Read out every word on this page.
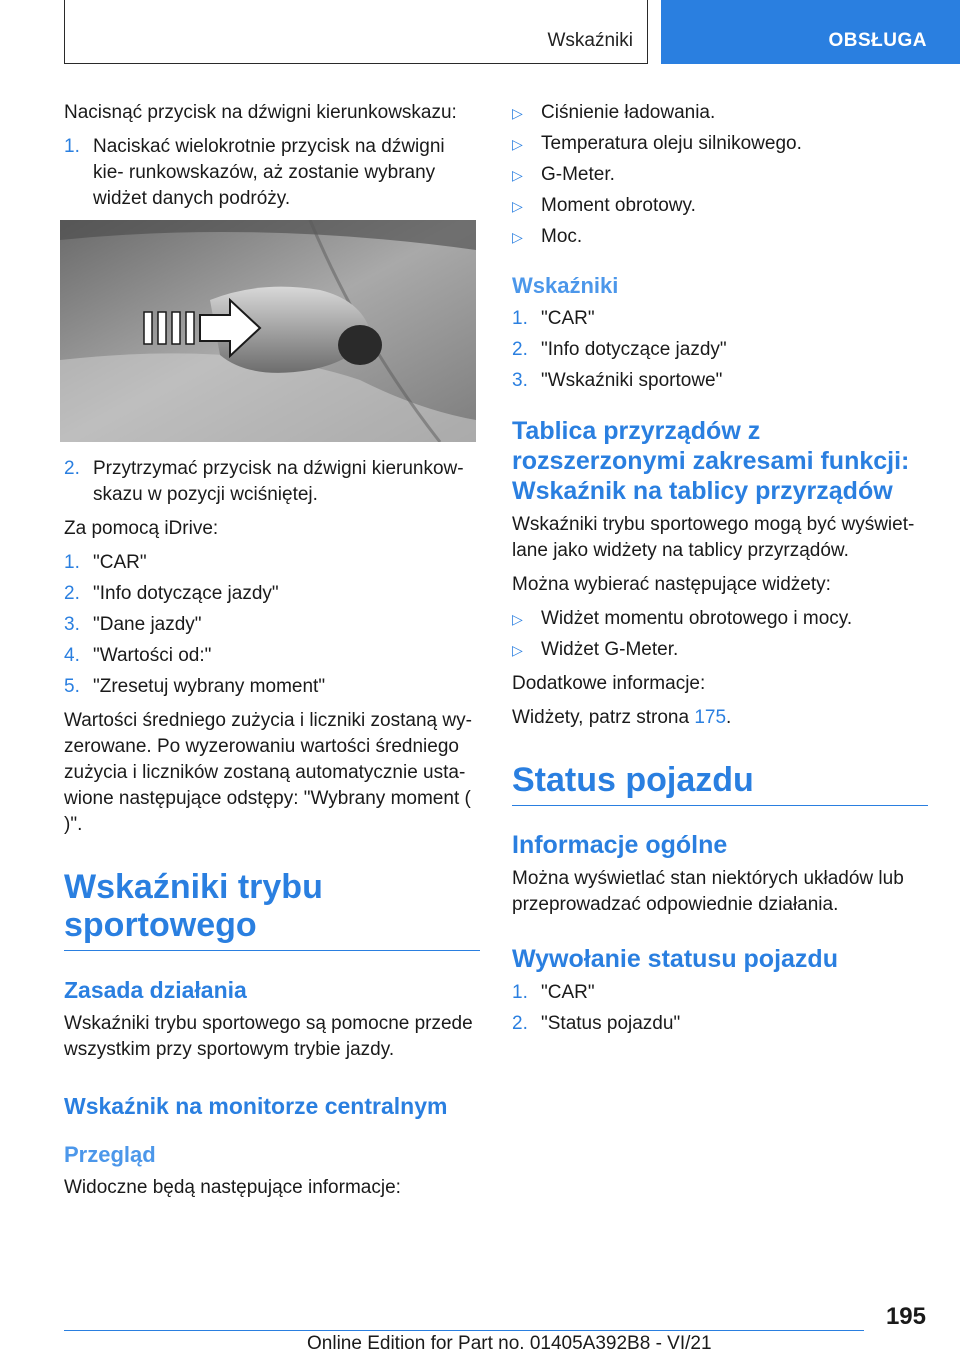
Wskaźniki	OBSŁUGA

Nacisnąć przycisk na dźwigni kierunkowskazu:

1. Naciskać wielokrotnie przycisk na dźwigni kie- runkowskazów, aż zostanie wybrany widżet danych podróży.
2. Przytrzymać przycisk na dźwigni kierunkow- skazu w pozycji wciśniętej.

Za pomocą iDrive:

1. "CAR"
2. "Info dotyczące jazdy"
3. "Dane jazdy"
4. "Wartości od:"
5. "Zresetuj wybrany moment"

Wartości średniego zużycia i liczniki zostaną wy- zerowane. Po wyzerowaniu wartości średniego zużycia i liczników zostaną automatycznie usta- wione następujące odstępy: "Wybrany moment ( )".

Wskaźniki trybu sportowego
Zasada działania

Wskaźniki trybu sportowego są pomocne przede wszystkim przy sportowym trybie jazdy.

Wskaźnik na monitorze centralnym
Przegląd

Widoczne będą następujące informacje:

▷ Ciśnienie ładowania.
▷ Temperatura oleju silnikowego.
▷ G-Meter.
▷ Moment obrotowy.
▷ Moc.
Wskaźniki
1. "CAR"
2. "Info dotyczące jazdy"
3. "Wskaźniki sportowe"
Tablica przyrządów z rozszerzonymi zakresami funkcji: Wskaźnik na tablicy przyrządów

Wskaźniki trybu sportowego mogą być wyświet- lane jako widżety na tablicy przyrządów.

Można wybierać następujące widżety:

▷ Widżet momentu obrotowego i mocy.
▷ Widżet G-Meter.

Dodatkowe informacje:

Widżety, patrz strona 175.

Status pojazdu
Informacje ogólne

Można wyświetlać stan niektórych układów lub przeprowadzać odpowiednie działania.

Wywołanie statusu pojazdu
1. "CAR"
2. "Status pojazdu"
195
Online Edition for Part no. 01405A392B8 - VI/21
